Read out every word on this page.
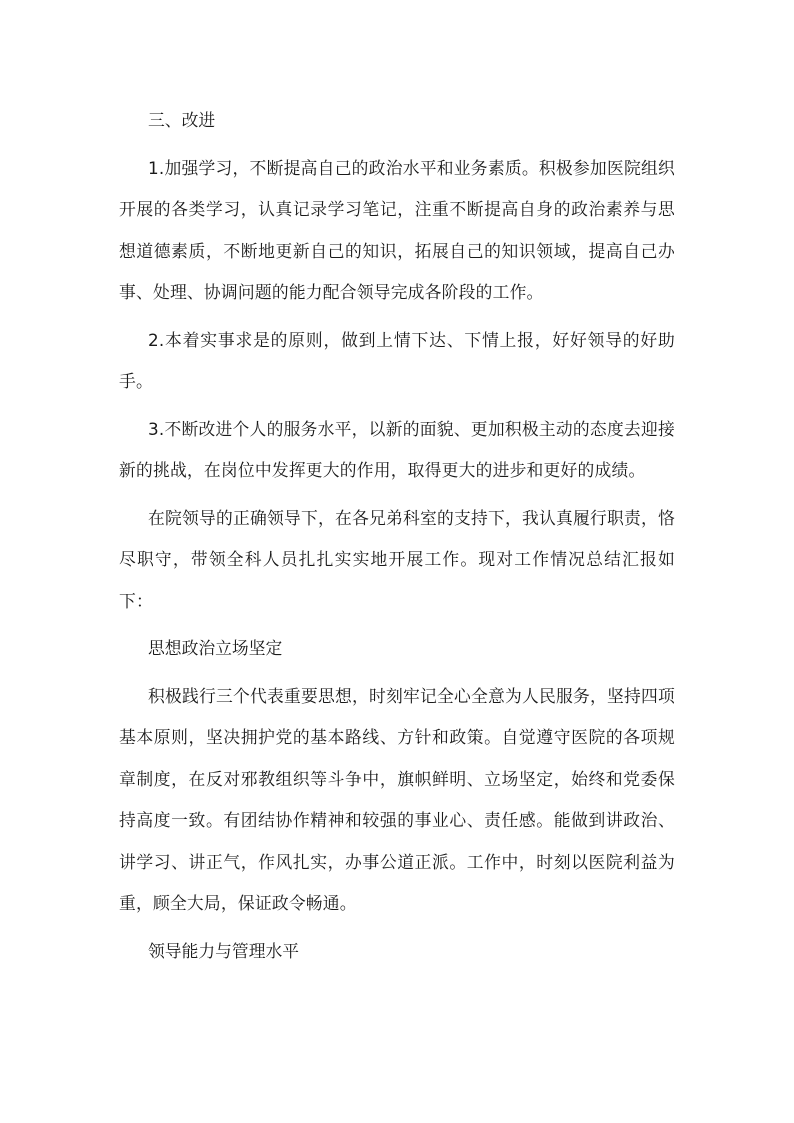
三、改进

1.加强学习，不断提高自己的政治水平和业务素质。积极参加医院组织开展的各类学习，认真记录学习笔记，注重不断提高自身的政治素养与思想道德素质，不断地更新自己的知识，拓展自己的知识领域，提高自己办事、处理、协调问题的能力配合领导完成各阶段的工作。

2.本着实事求是的原则，做到上情下达、下情上报，好好领导的好助手。

3.不断改进个人的服务水平，以新的面貌、更加积极主动的态度去迎接新的挑战，在岗位中发挥更大的作用，取得更大的进步和更好的成绩。

在院领导的正确领导下，在各兄弟科室的支持下，我认真履行职责，恪尽职守，带领全科人员扎扎实实地开展工作。现对工作情况总结汇报如下：

思想政治立场坚定

积极践行三个代表重要思想，时刻牢记全心全意为人民服务，坚持四项基本原则，坚决拥护党的基本路线、方针和政策。自觉遵守医院的各项规章制度，在反对邪教组织等斗争中，旗帜鲜明、立场坚定，始终和党委保持高度一致。有团结协作精神和较强的事业心、责任感。能做到讲政治、讲学习、讲正气，作风扎实，办事公道正派。工作中，时刻以医院利益为重，顾全大局，保证政令畅通。

领导能力与管理水平
